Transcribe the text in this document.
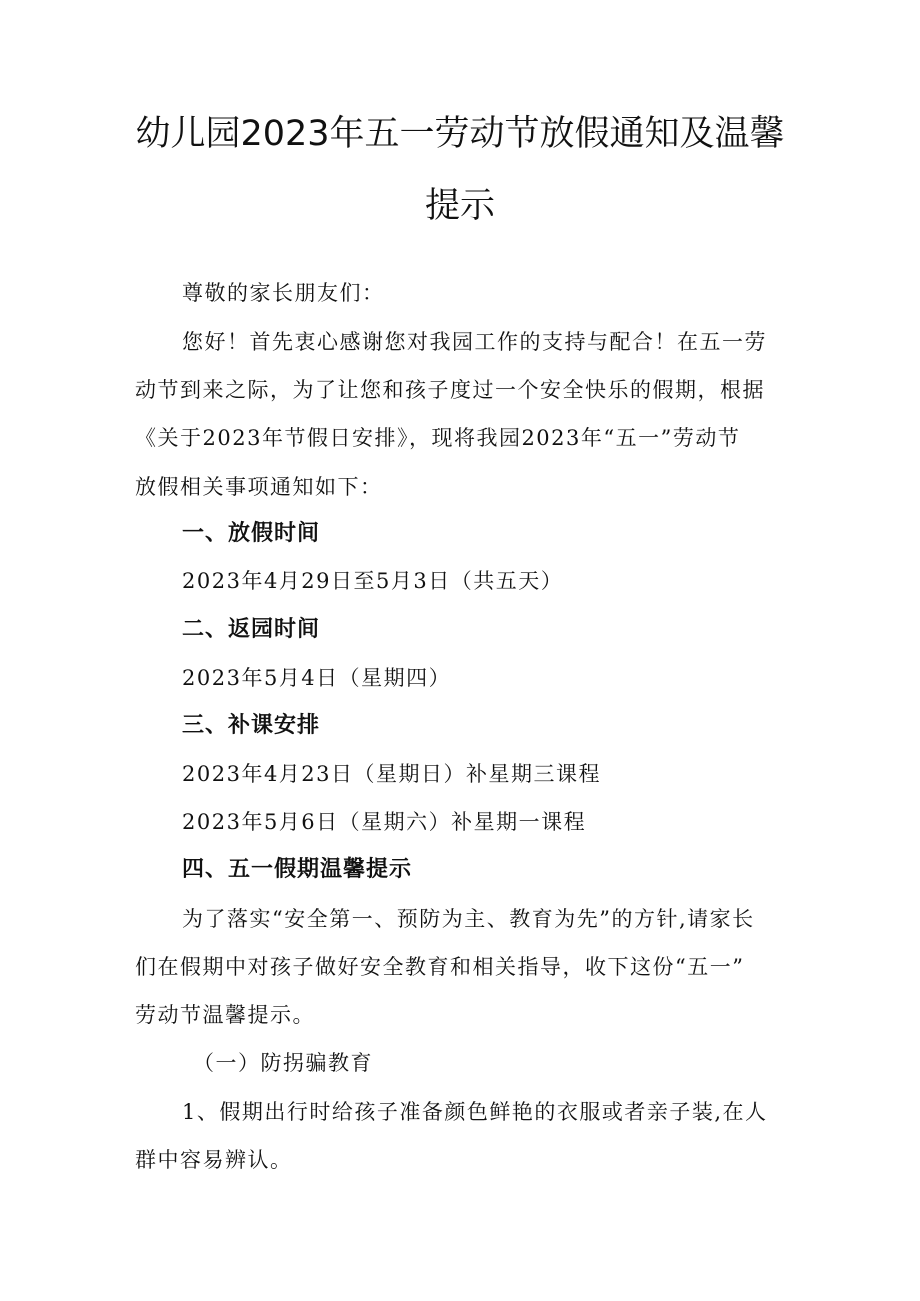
幼儿园2023年五一劳动节放假通知及温馨
提示
尊敬的家长朋友们：
您好！首先衷心感谢您对我园工作的支持与配合！在五一劳
动节到来之际，为了让您和孩子度过一个安全快乐的假期，根据
《关于2023年节假日安排》，现将我园2023年“五一”劳动节
放假相关事项通知如下：
一、放假时间
2023年4月29日至5月3日（共五天）
二、返园时间
2023年5月4日（星期四）
三、补课安排
2023年4月23日（星期日）补星期三课程
2023年5月6日（星期六）补星期一课程
四、五一假期温馨提示
为了落实“安全第一、预防为主、教育为先”的方针,请家长
们在假期中对孩子做好安全教育和相关指导，收下这份“五一”
劳动节温馨提示。
（一）防拐骗教育
1、假期出行时给孩子准备颜色鲜艳的衣服或者亲子装,在人
群中容易辨认。
